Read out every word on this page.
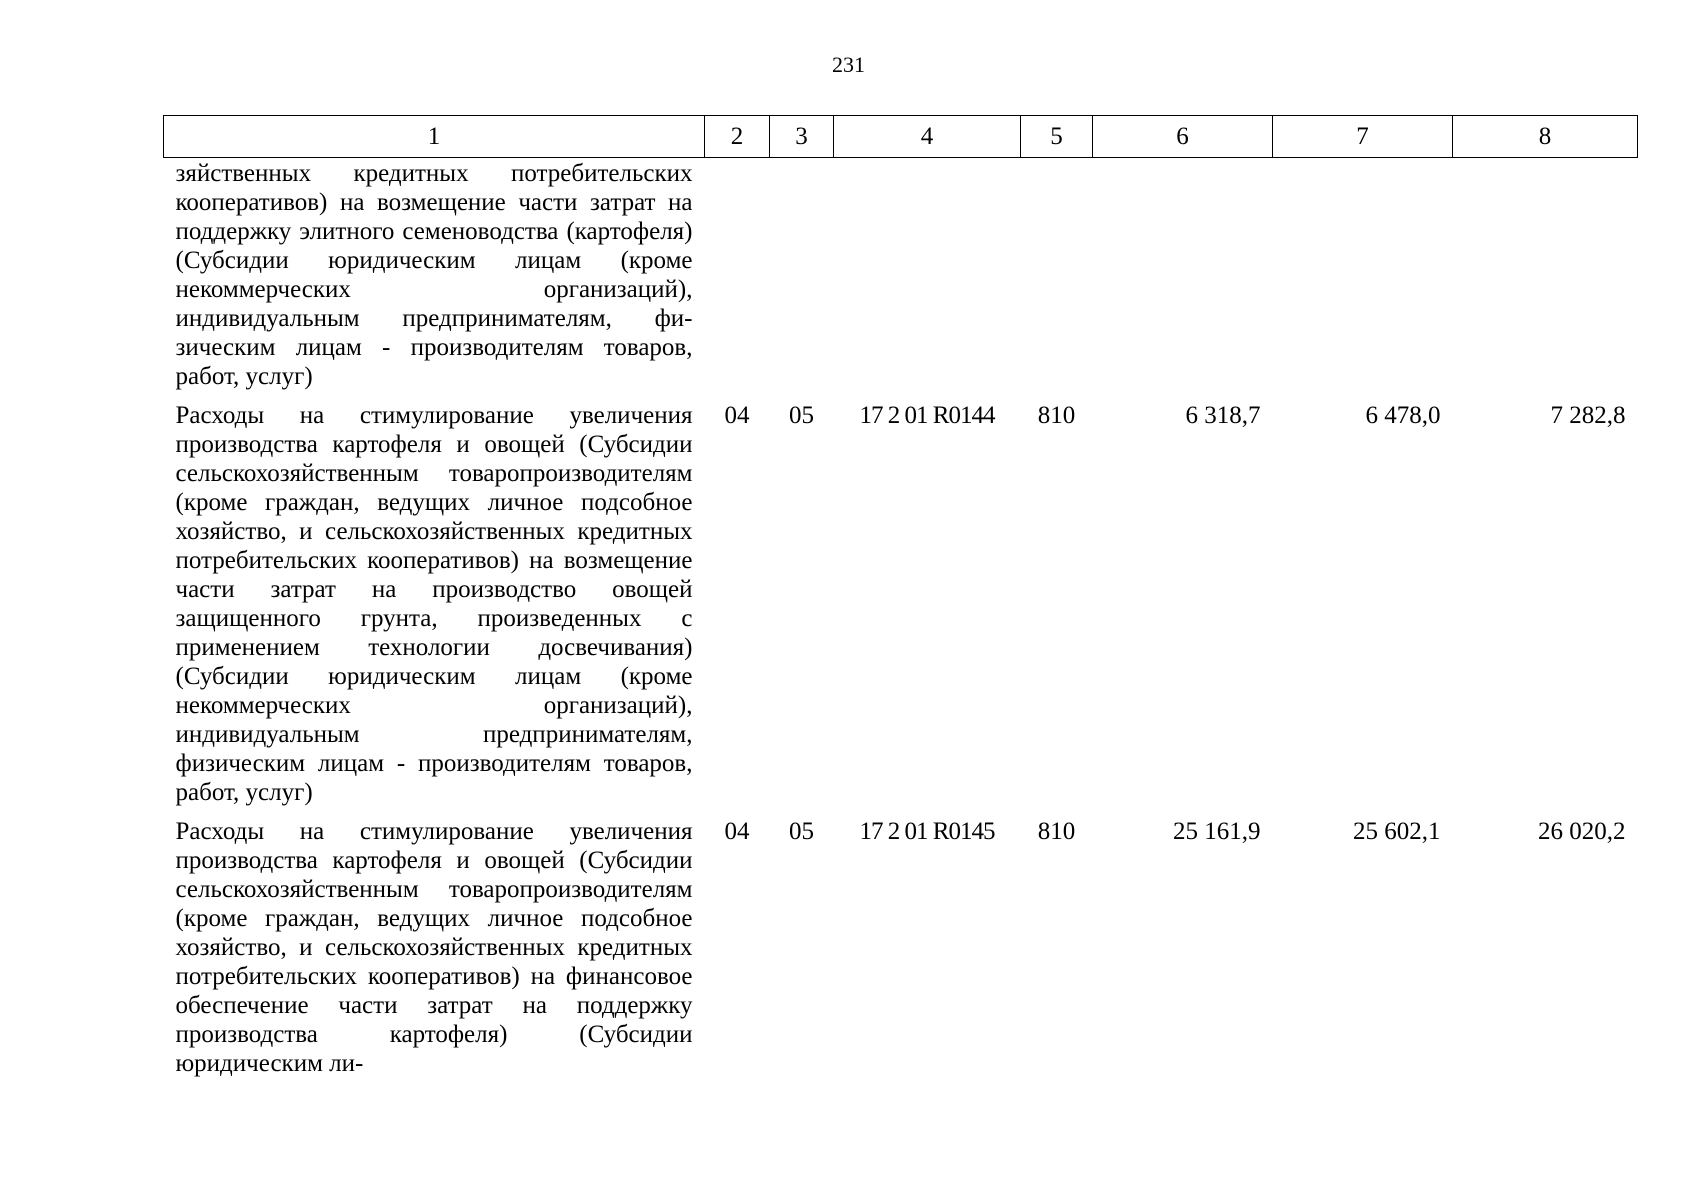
231
1	2	3	4	5	6	7	8
зяйственных кредитных потребительских кооперативов) на возмещение части затрат на поддержку элитного семеноводства (картофеля) (Субсидии юридическим лицам (кроме некоммерческих организаций), индивидуальным предпринимателям, физическим лицам - производителям товаров, работ, услуг)							
Расходы на стимулирование увеличения производства картофеля и овощей (Субсидии сельскохозяйственным товаропроизводителям (кроме граждан, ведущих личное подсобное хозяйство, и сельскохозяйственных кредитных потребительских кооперативов) на возмещение части затрат на производство овощей защищенного грунта, произведенных с применением технологии досвечивания) (Субсидии юридическим лицам (кроме некоммерческих организаций), индивидуальным предпринимателям, физическим лицам - производителям товаров, работ, услуг)	04	05	17 2 01 R0144	810	6 318,7	6 478,0	7 282,8
Расходы на стимулирование увеличения производства картофеля и овощей (Субсидии сельскохозяйственным товаропроизводителям (кроме граждан, ведущих личное подсобное хозяйство, и сельскохозяйственных кредитных потребительских кооперативов) на финансовое обеспечение части затрат на поддержку производства картофеля) (Субсидии юридическим ли-	04	05	17 2 01 R0145	810	25 161,9	25 602,1	26 020,2
